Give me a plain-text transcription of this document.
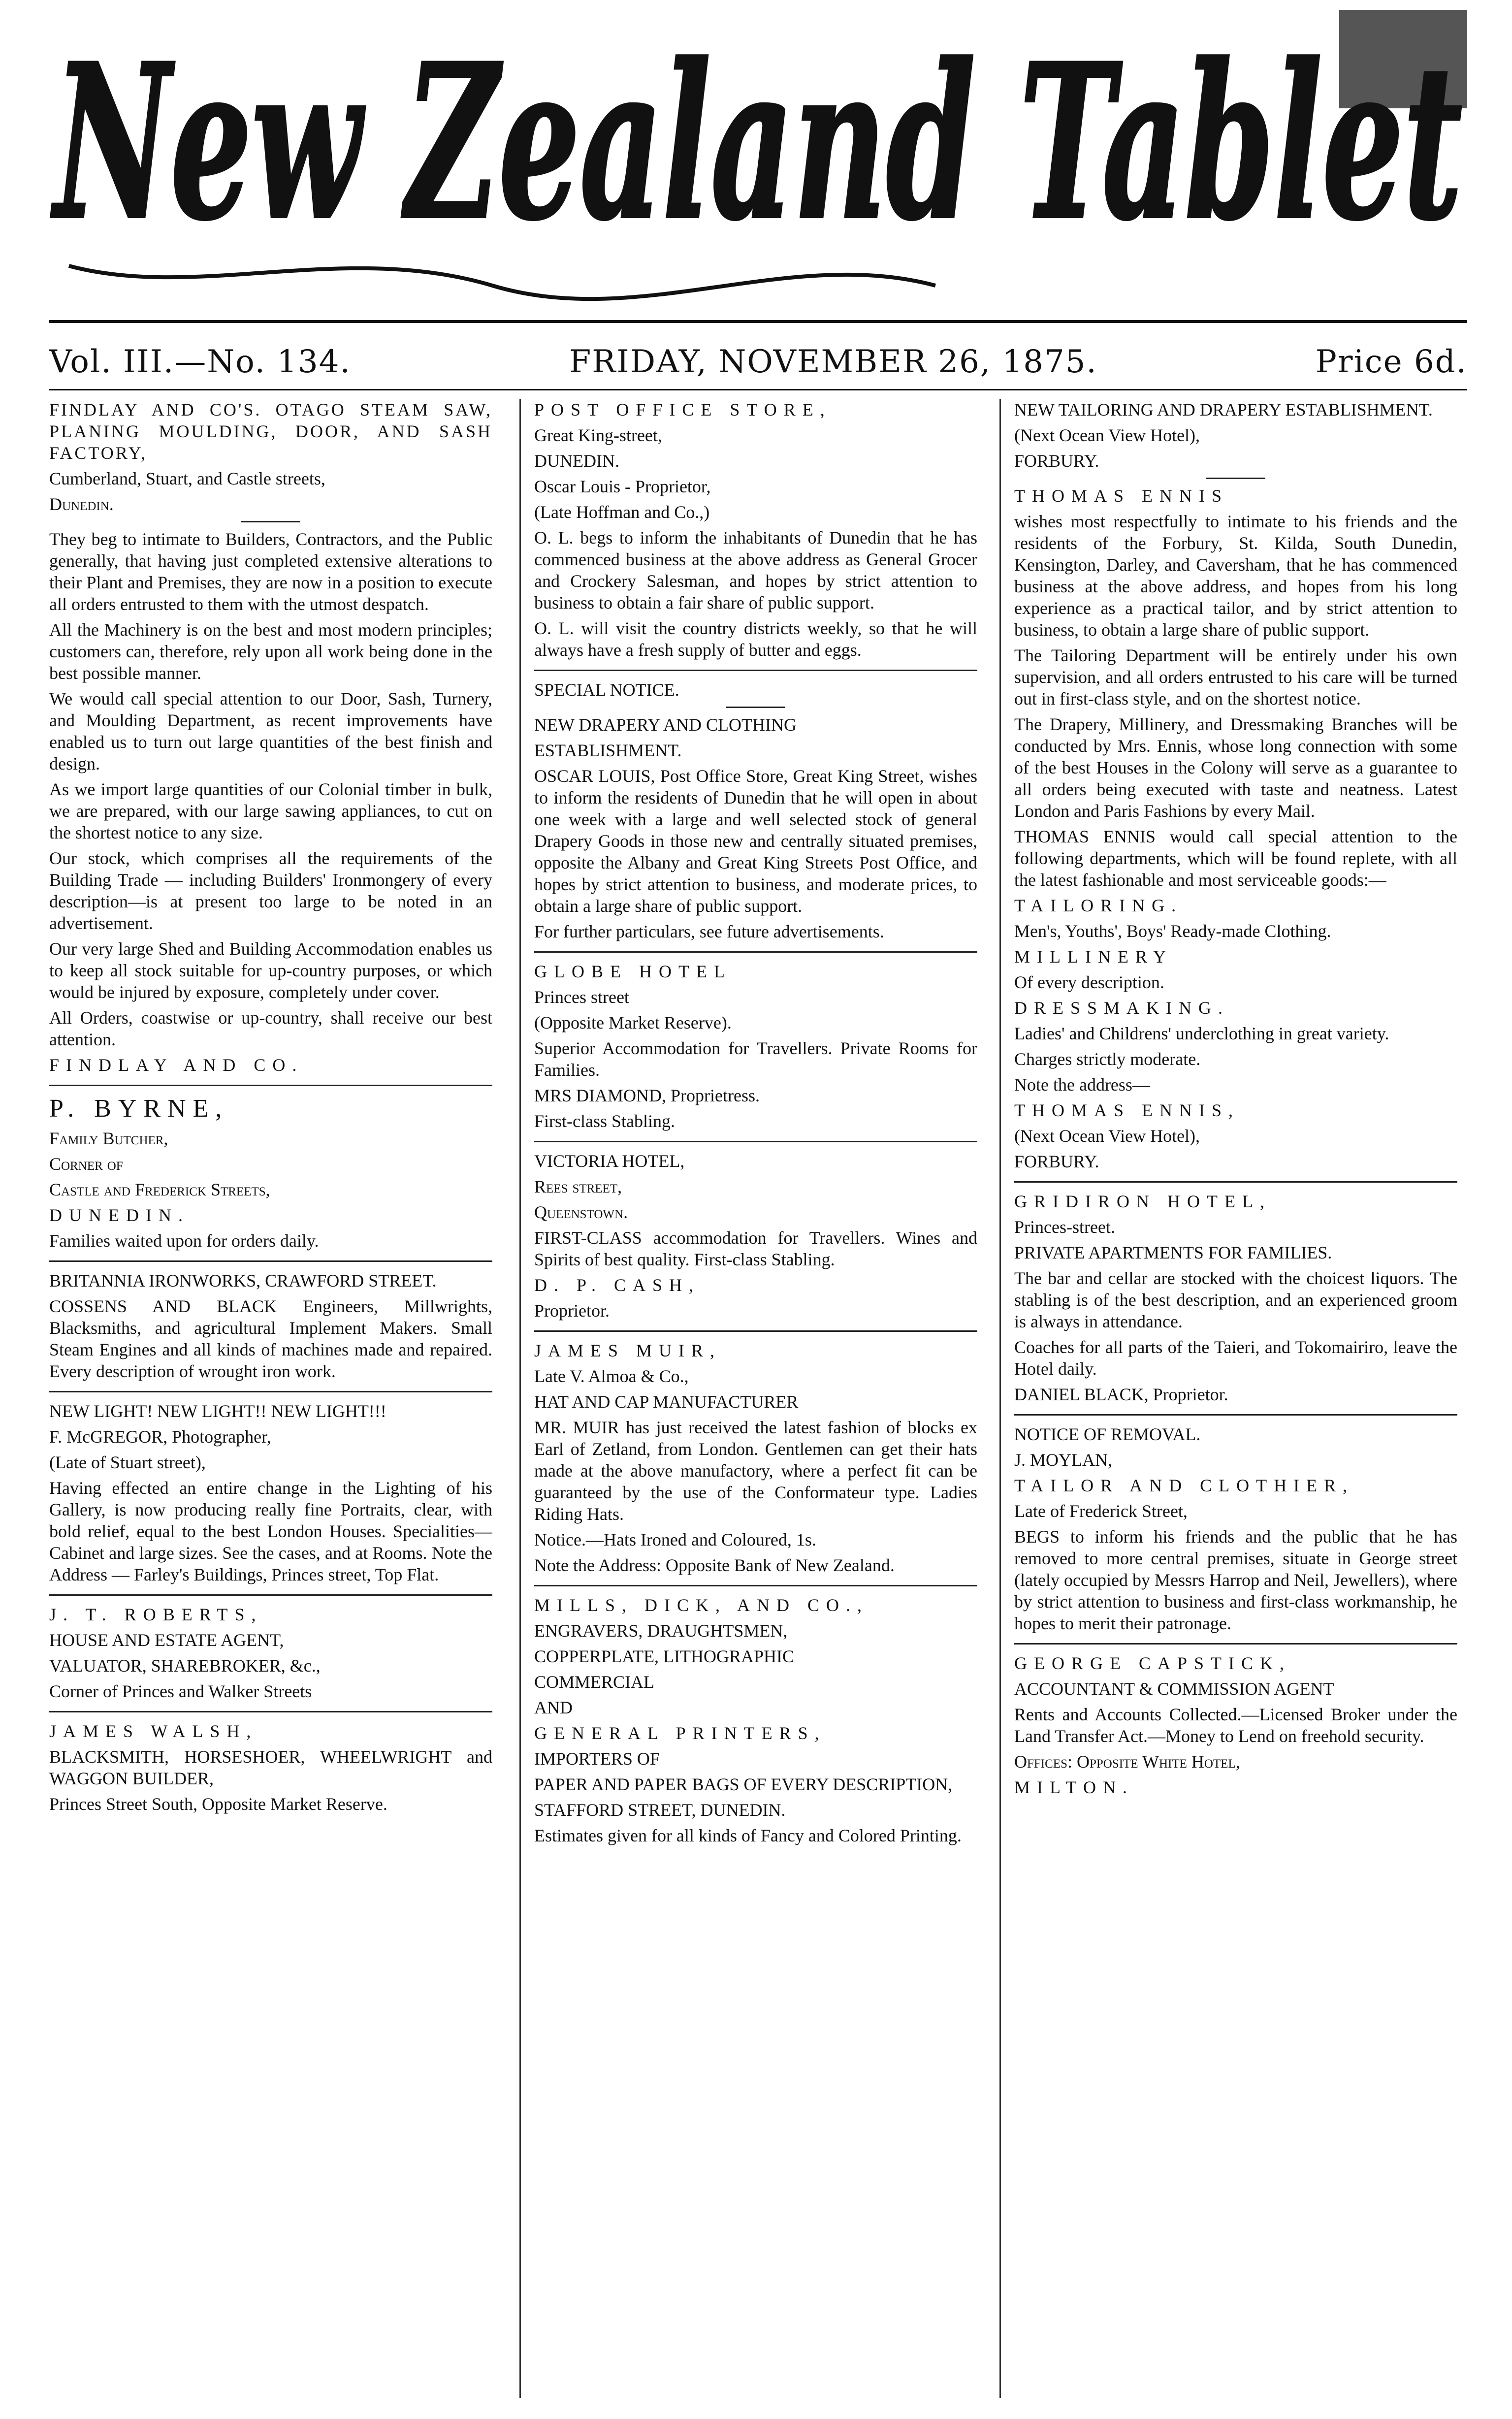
New Zealand Tablet
Vol. III.—No. 134.	FRIDAY, NOVEMBER 26, 1875.	Price 6d.

FINDLAY AND CO'S. OTAGO STEAM SAW, PLANING MOULDING, DOOR, AND SASH FACTORY,

Cumberland, Stuart, and Castle streets,

Dunedin.

They beg to intimate to Builders, Contractors, and the Public generally, that having just completed extensive alterations to their Plant and Premises, they are now in a position to execute all orders entrusted to them with the utmost despatch.

All the Machinery is on the best and most modern principles; customers can, therefore, rely upon all work being done in the best possible manner.

We would call special attention to our Door, Sash, Turnery, and Moulding Department, as recent improvements have enabled us to turn out large quantities of the best finish and design.

As we import large quantities of our Colonial timber in bulk, we are prepared, with our large sawing appliances, to cut on the shortest notice to any size.

Our stock, which comprises all the requirements of the Building Trade — including Builders' Ironmongery of every description—is at present too large to be noted in an advertisement.

Our very large Shed and Building Accommodation enables us to keep all stock suitable for up-country purposes, or which would be injured by exposure, completely under cover.

All Orders, coastwise or up-country, shall receive our best attention.

FINDLAY AND CO.

P. BYRNE,

Family Butcher,

Corner of

Castle and Frederick Streets,

DUNEDIN.

Families waited upon for orders daily.

BRITANNIA IRONWORKS, CRAWFORD STREET.

COSSENS AND BLACK Engineers, Millwrights, Blacksmiths, and agricultural Implement Makers. Small Steam Engines and all kinds of machines made and repaired. Every description of wrought iron work.

NEW LIGHT! NEW LIGHT!! NEW LIGHT!!!

F. McGREGOR, Photographer,

(Late of Stuart street),

Having effected an entire change in the Lighting of his Gallery, is now producing really fine Portraits, clear, with bold relief, equal to the best London Houses. Specialities—Cabinet and large sizes. See the cases, and at Rooms. Note the Address — Farley's Buildings, Princes street, Top Flat.

J. T. ROBERTS,

HOUSE AND ESTATE AGENT,

VALUATOR, SHAREBROKER, &c.,

Corner of Princes and Walker Streets

JAMES WALSH,

BLACKSMITH, HORSESHOER, WHEELWRIGHT and WAGGON BUILDER,

Princes Street South, Opposite Market Reserve.

POST OFFICE STORE,

Great King-street,

DUNEDIN.

Oscar Louis - Proprietor,

(Late Hoffman and Co.,)

O. L. begs to inform the inhabitants of Dunedin that he has commenced business at the above address as General Grocer and Crockery Salesman, and hopes by strict attention to business to obtain a fair share of public support.

O. L. will visit the country districts weekly, so that he will always have a fresh supply of butter and eggs.

SPECIAL NOTICE.

NEW DRAPERY AND CLOTHING

ESTABLISHMENT.

OSCAR LOUIS, Post Office Store, Great King Street, wishes to inform the residents of Dunedin that he will open in about one week with a large and well selected stock of general Drapery Goods in those new and centrally situated premises, opposite the Albany and Great King Streets Post Office, and hopes by strict attention to business, and moderate prices, to obtain a large share of public support.

For further particulars, see future advertisements.

GLOBE HOTEL

Princes street

(Opposite Market Reserve).

Superior Accommodation for Travellers. Private Rooms for Families.

MRS DIAMOND, Proprietress.

First-class Stabling.

VICTORIA HOTEL,

Rees street,

Queenstown.

FIRST-CLASS accommodation for Travellers. Wines and Spirits of best quality. First-class Stabling.

D. P. CASH,

Proprietor.

JAMES MUIR,

Late V. Almoa & Co.,

HAT AND CAP MANUFACTURER

MR. MUIR has just received the latest fashion of blocks ex Earl of Zetland, from London. Gentlemen can get their hats made at the above manufactory, where a perfect fit can be guaranteed by the use of the Conformateur type. Ladies Riding Hats.

Notice.—Hats Ironed and Coloured, 1s.

Note the Address: Opposite Bank of New Zealand.

MILLS, DICK, AND CO.,

ENGRAVERS, DRAUGHTSMEN,

COPPERPLATE, LITHOGRAPHIC

COMMERCIAL

AND

GENERAL PRINTERS,

IMPORTERS OF

PAPER AND PAPER BAGS OF EVERY DESCRIPTION,

STAFFORD STREET, DUNEDIN.

Estimates given for all kinds of Fancy and Colored Printing.

NEW TAILORING AND DRAPERY ESTABLISHMENT.

(Next Ocean View Hotel),

FORBURY.

THOMAS ENNIS

wishes most respectfully to intimate to his friends and the residents of the Forbury, St. Kilda, South Dunedin, Kensington, Darley, and Caversham, that he has commenced business at the above address, and hopes from his long experience as a practical tailor, and by strict attention to business, to obtain a large share of public support.

The Tailoring Department will be entirely under his own supervision, and all orders entrusted to his care will be turned out in first-class style, and on the shortest notice.

The Drapery, Millinery, and Dressmaking Branches will be conducted by Mrs. Ennis, whose long connection with some of the best Houses in the Colony will serve as a guarantee to all orders being executed with taste and neatness. Latest London and Paris Fashions by every Mail.

THOMAS ENNIS would call special attention to the following departments, which will be found replete, with all the latest fashionable and most serviceable goods:—

TAILORING.

Men's, Youths', Boys' Ready-made Clothing.

MILLINERY

Of every description.

DRESSMAKING.

Ladies' and Childrens' underclothing in great variety.

Charges strictly moderate.

Note the address—

THOMAS ENNIS,

(Next Ocean View Hotel),

FORBURY.

GRIDIRON HOTEL,

Princes-street.

PRIVATE APARTMENTS FOR FAMILIES.

The bar and cellar are stocked with the choicest liquors. The stabling is of the best description, and an experienced groom is always in attendance.

Coaches for all parts of the Taieri, and Tokomairiro, leave the Hotel daily.

DANIEL BLACK, Proprietor.

NOTICE OF REMOVAL.

J. MOYLAN,

TAILOR AND CLOTHIER,

Late of Frederick Street,

BEGS to inform his friends and the public that he has removed to more central premises, situate in George street (lately occupied by Messrs Harrop and Neil, Jewellers), where by strict attention to business and first-class workmanship, he hopes to merit their patronage.

GEORGE CAPSTICK,

ACCOUNTANT & COMMISSION AGENT

Rents and Accounts Collected.—Licensed Broker under the Land Transfer Act.—Money to Lend on freehold security.

Offices: Opposite White Hotel,

MILTON.
